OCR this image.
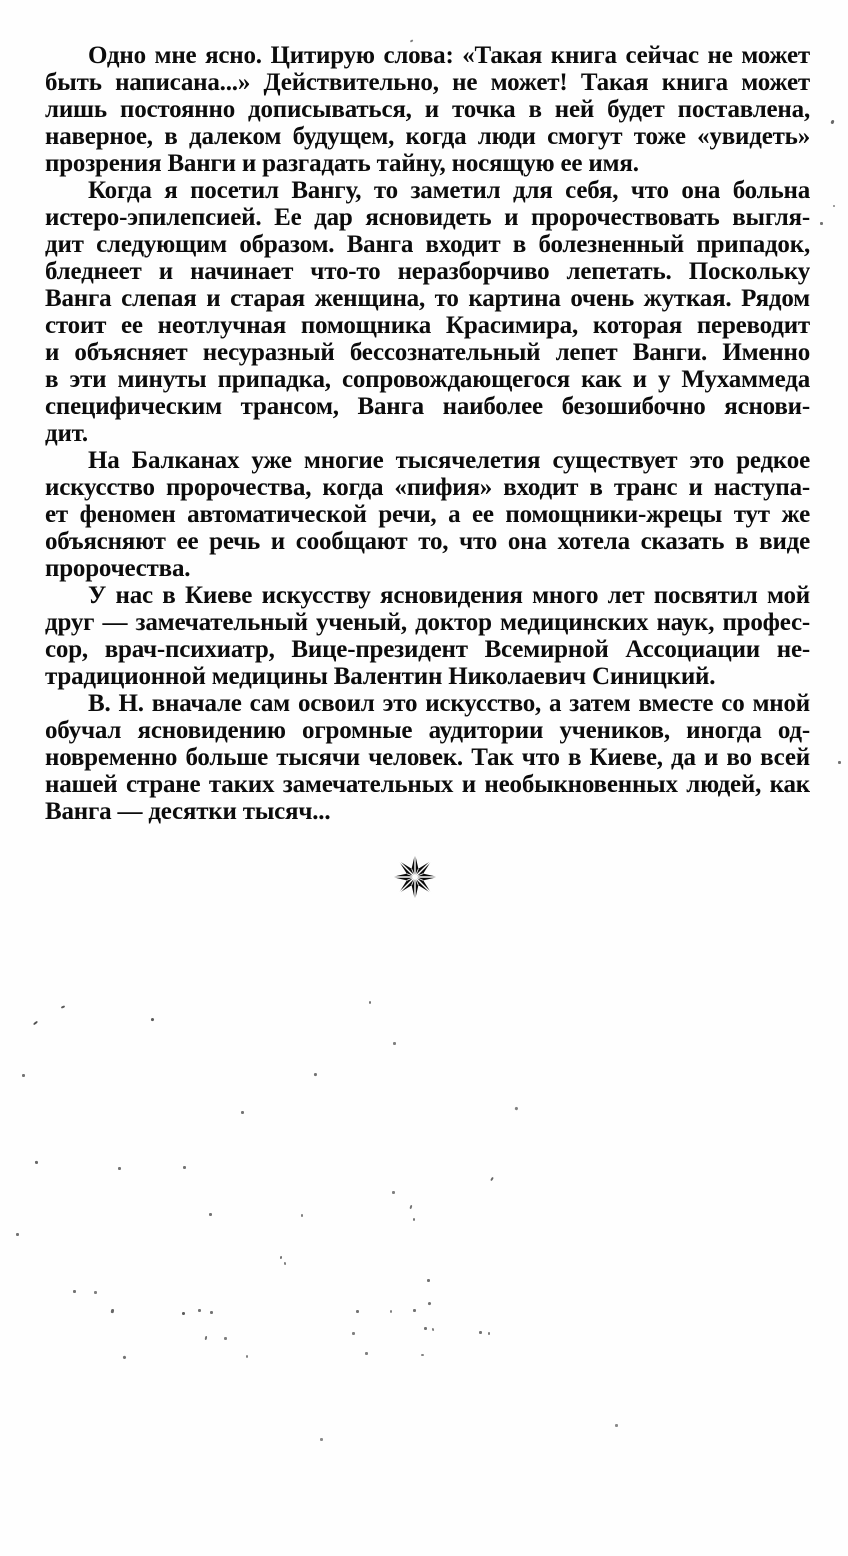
Одно мне ясно. Цитирую слова: «Такая книга сейчас не может
быть написана...» Действительно, не может! Такая книга может
лишь постоянно дописываться, и точка в ней будет поставлена,
наверное, в далеком будущем, когда люди смогут тоже «увидеть»
прозрения Ванги и разгадать тайну, носящую ее имя.
Когда я посетил Вангу, то заметил для себя, что она больна
истеро-эпилепсией. Ее дар ясновидеть и пророчествовать выгля-
дит следующим образом. Ванга входит в болезненный припадок,
бледнеет и начинает что-то неразборчиво лепетать. Поскольку
Ванга слепая и старая женщина, то картина очень жуткая. Рядом
стоит ее неотлучная помощника Красимира, которая переводит
и объясняет несуразный бессознательный лепет Ванги. Именно
в эти минуты припадка, сопровождающегося как и у Мухаммеда
специфическим трансом, Ванга наиболее безошибочно яснови-
дит.
На Балканах уже многие тысячелетия существует это редкое
искусство пророчества, когда «пифия» входит в транс и наступа-
ет феномен автоматической речи, а ее помощники-жрецы тут же
объясняют ее речь и сообщают то, что она хотела сказать в виде
пророчества.
У нас в Киеве искусству ясновидения много лет посвятил мой
друг — замечательный ученый, доктор медицинских наук, профес-
сор, врач-психиатр, Вице-президент Всемирной Ассоциации не-
традиционной медицины Валентин Николаевич Синицкий.
В. Н. вначале сам освоил это искусство, а затем вместе со мной
обучал ясновидению огромные аудитории учеников, иногда од-
новременно больше тысячи человек. Так что в Киеве, да и во всей
нашей стране таких замечательных и необыкновенных людей, как
Ванга — десятки тысяч...
